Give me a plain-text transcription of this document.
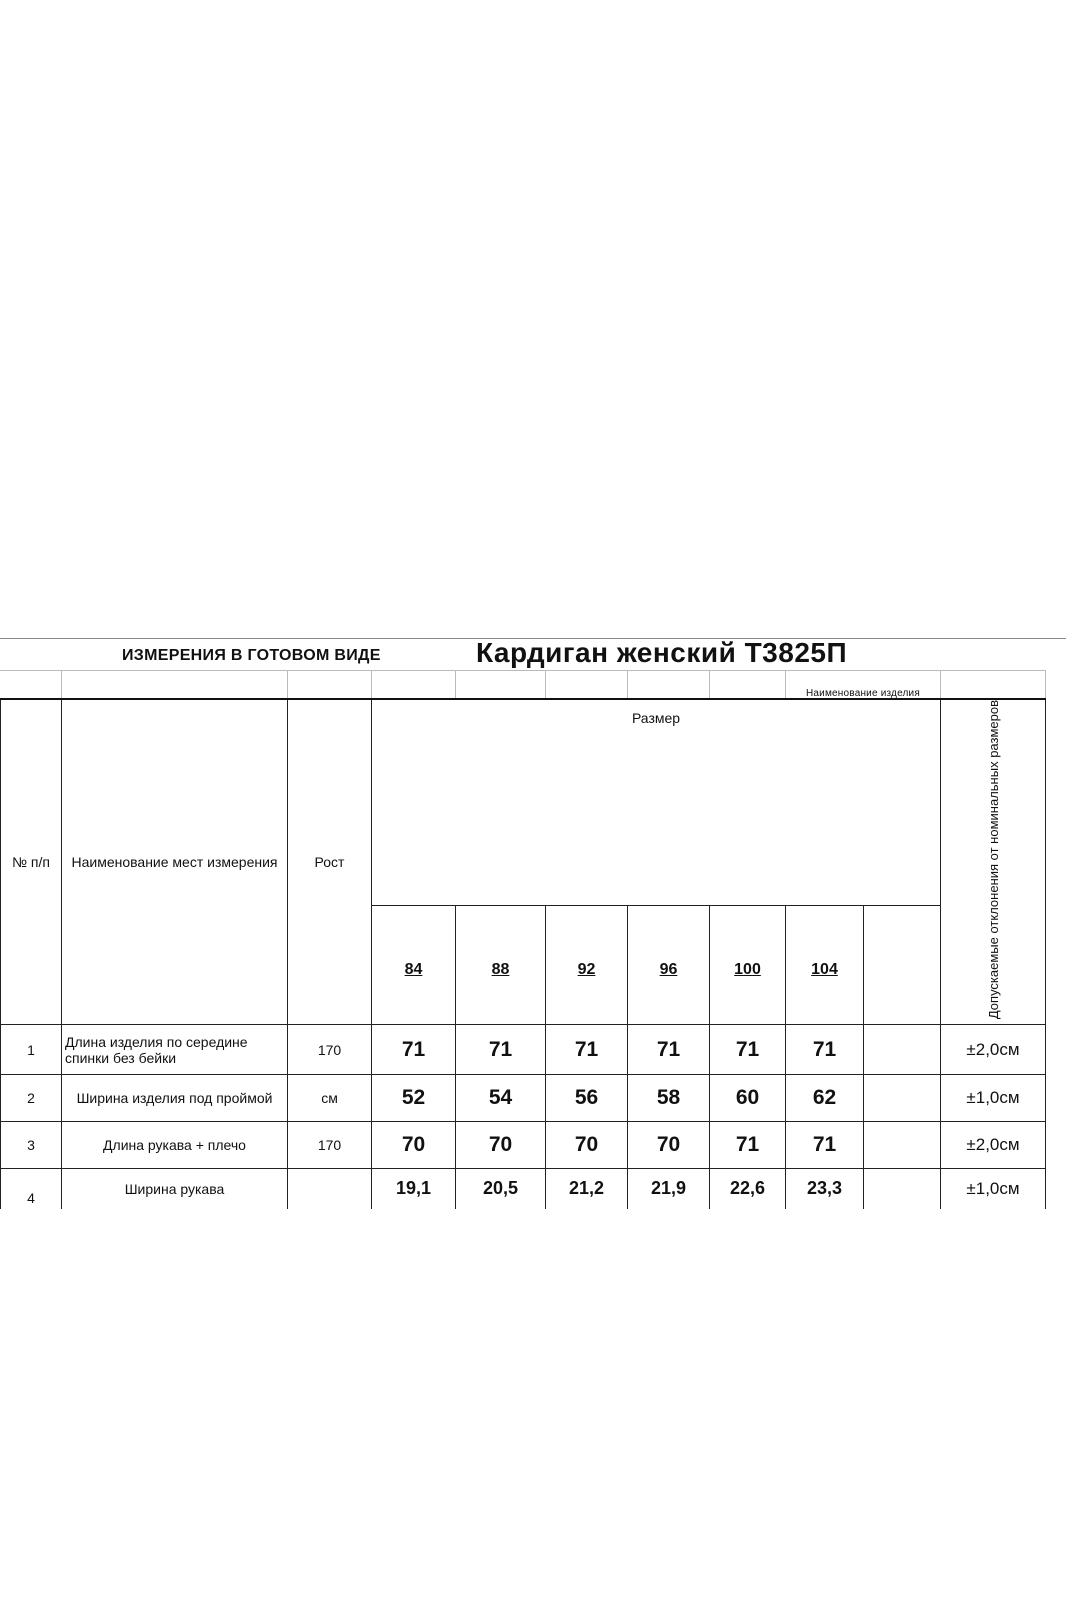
ИЗМЕРЕНИЯ В ГОТОВОМ ВИДЕ	Кардиган женский Т3825П
Наименование изделия
№ п/п	Наименование мест измерения	Рост	Размер							Допускаемые отклонения от номинальных размеров
			84	88	92	96	100	104		
1	Длина изделия по середине спинки без бейки	170	71	71	71	71	71	71		±2,0см
2	Ширина изделия под проймой	см	52	54	56	58	60	62		±1,0см
3	Длина рукава + плечо	170	70	70	70	70	71	71		±2,0см
4	Ширина рукава		19,1	20,5	21,2	21,9	22,6	23,3		±1,0см
